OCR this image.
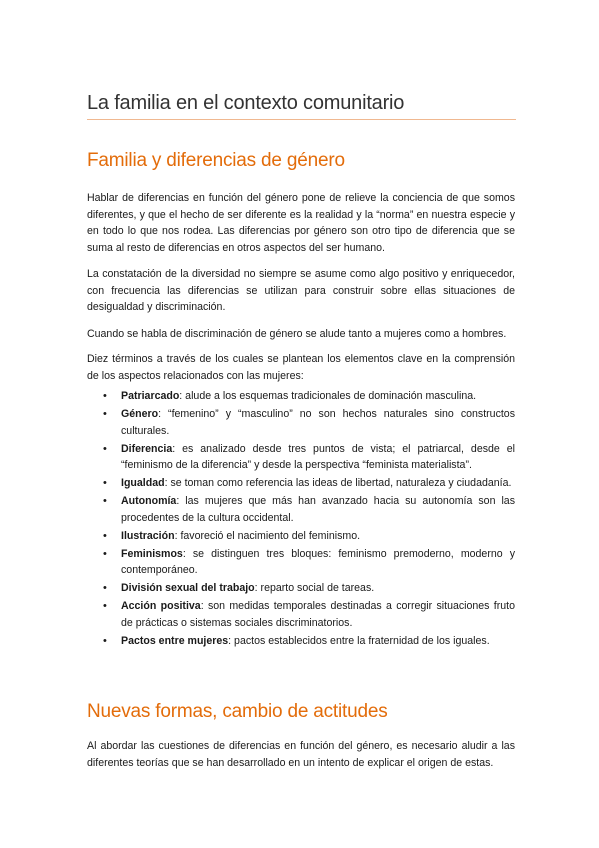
La familia en el contexto comunitario
Familia y diferencias de género

Hablar de diferencias en función del género pone de relieve la conciencia de que somos diferentes, y que el hecho de ser diferente es la realidad y la “norma” en nuestra especie y en todo lo que nos rodea. Las diferencias por género son otro tipo de diferencia que se suma al resto de diferencias en otros aspectos del ser humano.

La constatación de la diversidad no siempre se asume como algo positivo y enriquecedor, con frecuencia las diferencias se utilizan para construir sobre ellas situaciones de desigualdad y discriminación.

Cuando se habla de discriminación de género se alude tanto a mujeres como a hombres.

Diez términos a través de los cuales se plantean los elementos clave en la comprensión de los aspectos relacionados con las mujeres:

• Patriarcado: alude a los esquemas tradicionales de dominación masculina.
• Género: “femenino” y “masculino” no son hechos naturales sino constructos culturales.
• Diferencia: es analizado desde tres puntos de vista; el patriarcal, desde el “feminismo de la diferencia” y desde la perspectiva “feminista materialista”.
• Igualdad: se toman como referencia las ideas de libertad, naturaleza y ciudadanía.
• Autonomía: las mujeres que más han avanzado hacia su autonomía son las procedentes de la cultura occidental.
• Ilustración: favoreció el nacimiento del feminismo.
• Feminismos: se distinguen tres bloques: feminismo premoderno, moderno y contemporáneo.
• División sexual del trabajo: reparto social de tareas.
• Acción positiva: son medidas temporales destinadas a corregir situaciones fruto de prácticas o sistemas sociales discriminatorios.
• Pactos entre mujeres: pactos establecidos entre la fraternidad de los iguales.
Nuevas formas, cambio de actitudes

Al abordar las cuestiones de diferencias en función del género, es necesario aludir a las diferentes teorías que se han desarrollado en un intento de explicar el origen de estas.
